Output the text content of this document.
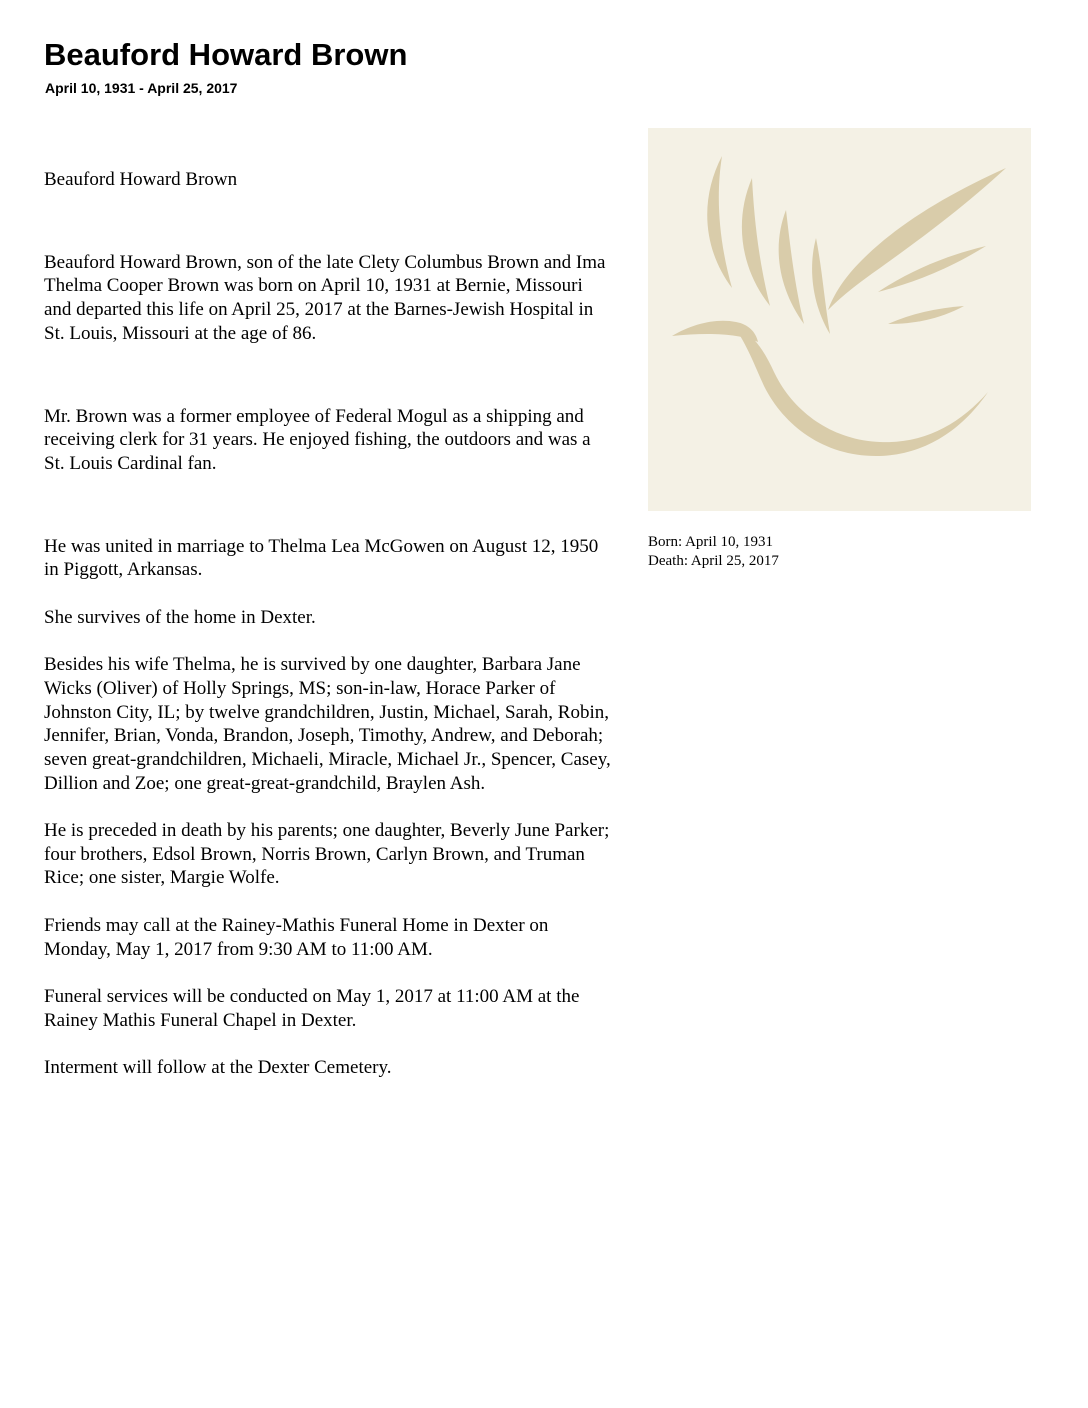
Beauford Howard Brown
April 10, 1931 - April 25, 2017

Beauford Howard Brown

Beauford Howard Brown, son of the late Clety Columbus Brown and Ima Thelma Cooper Brown was born on April 10, 1931 at Bernie, Missouri and departed this life on April 25, 2017 at the Barnes-Jewish Hospital in St. Louis, Missouri at the age of 86.

Mr. Brown was a former employee of Federal Mogul as a shipping and receiving clerk for 31 years. He enjoyed fishing, the outdoors and was a St. Louis Cardinal fan.

He was united in marriage to Thelma Lea McGowen on August 12, 1950 in Piggott, Arkansas.

She survives of the home in Dexter.

Besides his wife Thelma, he is survived by one daughter, Barbara Jane Wicks (Oliver) of Holly Springs, MS; son-in-law, Horace Parker of Johnston City, IL; by twelve grandchildren, Justin, Michael, Sarah, Robin, Jennifer, Brian, Vonda, Brandon, Joseph, Timothy, Andrew, and Deborah; seven great-grandchildren, Michaeli, Miracle, Michael Jr., Spencer, Casey, Dillion and Zoe; one great-great-grandchild, Braylen Ash.

He is preceded in death by his parents; one daughter, Beverly June Parker; four brothers, Edsol Brown, Norris Brown, Carlyn Brown, and Truman Rice; one sister, Margie Wolfe.

Friends may call at the Rainey-Mathis Funeral Home in Dexter on Monday, May 1, 2017 from 9:30 AM to 11:00 AM.

Funeral services will be conducted on May 1, 2017 at 11:00 AM at the Rainey Mathis Funeral Chapel in Dexter.

Interment will follow at the Dexter Cemetery.

Born: April 10, 1931
Death: April 25, 2017
